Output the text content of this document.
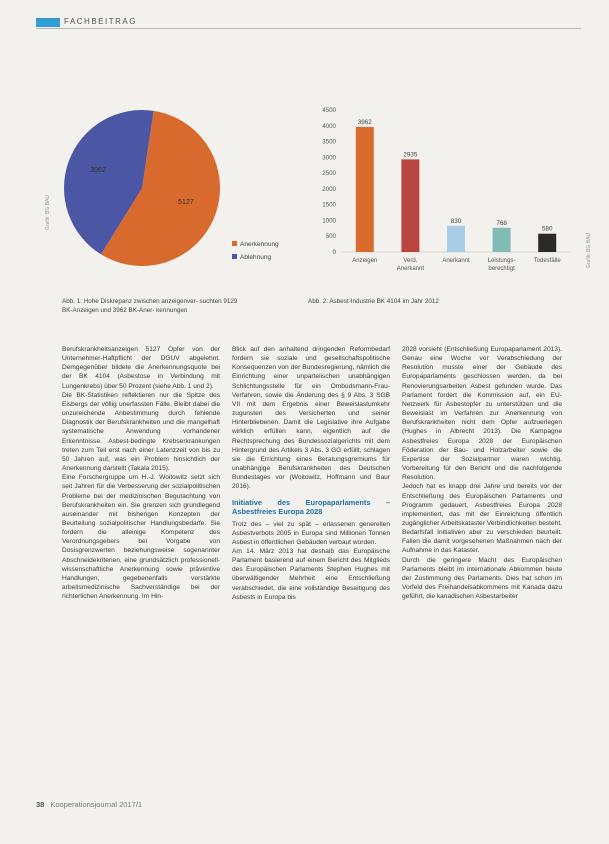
FACHBEITRAG
Grafik: BG BAU
Grafik: BG BAU
5127
3962
Anerkennung
Ablehnung
0
500
1000
1500
2000
2500
3000
3500
4000
4500
3962
2935
830	768
580
Anzeigen	Verd. Anerkannt
Anerkannt	Leistungs-berechtigt
Todesfälle
Abb. 1: Hohe Diskrepanz zwischen anzeigenver- suchten 9129 BK-Anzeigen und 3962 BK-Aner- kennungen
Abb. 2: Asbest-Industrie BK 4104 im Jahr 2012

Berufskrankheitsanzeigen 5127 Opfer von der Unternehmer-Haftpflicht der DGUV abgelehnt. Demgegenüber bildete die Anerkennungsquote bei der BK 4104 (Asbestose in Verbindung mit Lungenkrebs) über 50 Prozent (siehe Abb. 1 und 2).

Die BK-Statistiken reflektieren nur die Spitze des Eisbergs der völlig unerfassten Fälle. Bleibt dabei die unzureichende Anbestimmung durch fehlende Diagnostik der Berufskrankheiten und die mangelhaft systematische Anwendung vorhandener Erkenntnisse. Asbest-bedingte Krebserkrankungen treten zum Teil erst nach einer Latenzzeit von bis zu 50 Jahren auf, was ein Problem hinsichtlich der Anerkennung darstellt (Takala 2015).

Eine Forschergruppe um H.-J. Woitowitz setzt sich seit Jahren für die Verbesserung der sozialpolitischen Probleme bei der medizinischen Begutachtung von Berufskrankheiten ein. Sie grenzen sich grundlegend auseinander mit bisherigen Konzepten der Beurteilung sozialpolitischer Handlungsbedarfe. Sie fordern die alleinige Kompetenz des Verordnungsgebers bei Vorgabe von Dosisgrenzwerten beziehungsweise sogenannter Abschneidekriterien, eine grundsätzlich professionell-wissenschaftliche Anerkennung sowie präventive Handlungen, gegebenenfalls verstärkte arbeitsmedizinische Sachverständige bei der richterlichen Anerkennung. Im Hin-

Blick auf den anhaltend dringenden Reformbedarf fordern sie soziale und gesellschaftspolitische Konsequenzen von der Bundesregierung, nämlich die Einrichtung einer unparteiischen unabhängigen Schlichtungsstelle für ein Ombudsmann-Frau-Verfahren, sowie die Änderung des § 9 Abs. 3 SGB VII mit dem Ergebnis einer Beweislastumkehr zugunsten des Versicherten und seiner Hinterbliebenen. Damit die Legislative ihre Aufgabe wirklich erfüllen kann, eigentlich auf die Rechtsprechung des Bundessozialgerichts mit dem Hintergrund des Artikels 3 Abs. 3 GG erfüllt, schlagen sie die Errichtung eines Beratungsgremiums für unabhängige Berufskrankheiten des Deutschen Bundestages vor (Woitowitz, Hoffmann und Baur 2016).

Initiative des Europaparlaments – Asbestfreies Europa 2028

Trotz des – viel zu spät – erlassenen generellen Asbestverbots 2005 in Europa sind Millionen Tonnen Asbest in öffentlichen Gebäuden verbaut worden.

Am 14. März 2013 hat deshalb das Europäische Parlament basierend auf einem Bericht des Mitglieds des Europäischen Parlaments Stephen Hughes mit überwältigender Mehrheit eine Entschließung verabschiedet, die eine vollständige Beseitigung des Asbests in Europa bis

2028 vorsieht (Entschließung Europaparlament 2013). Genau eine Woche vor Verabschiedung der Resolution musste einer der Gebäude des Europaparlaments geschlossen werden, da bei Renovierungsarbeiten Asbest gefunden wurde. Das Parlament fordert die Kommission auf, ein EU-Netzwerk für Asbestopfer zu unterstützen und die Beweislast im Verfahren zur Anerkennung von Berufskrankheiten nicht dem Opfer aufzuerlegen (Hughes in Albrecht 2013). Die Kampagne Asbestfreies Europa 2028 der Europäischen Föderation der Bau- und Holzarbeiter sowie die Expertise der Sozialpartner waren wichtig. Vorbereitung für den Bericht und die nachfolgende Resolution.

Jedoch hat es knapp drei Jahre und bereits vor der Entschließung des Europäischen Parlaments und Programm gedauert, Asbestfreies Europa 2028 implementiert, das mit der Einreichung öffentlich zugänglicher Arbeitskataster Verbindlichkeiten besteht. Bedarfsfall Initiativen aber zu verschieden beurteilt. Fallen die damit vorgesehenen Maßnahmen nach der Aufnahme in das Kataster.

Durch die geringere Macht des Europäischen Parlaments bleibt im internationale Abkommen heute der Zustimmung des Parlaments. Dies hat schon im Vorfeld des Freihandelsabkommens mit Kanada dazu geführt, die kanadischen Asbestarbeiter

38 Kooperationsjournal 2017/1
